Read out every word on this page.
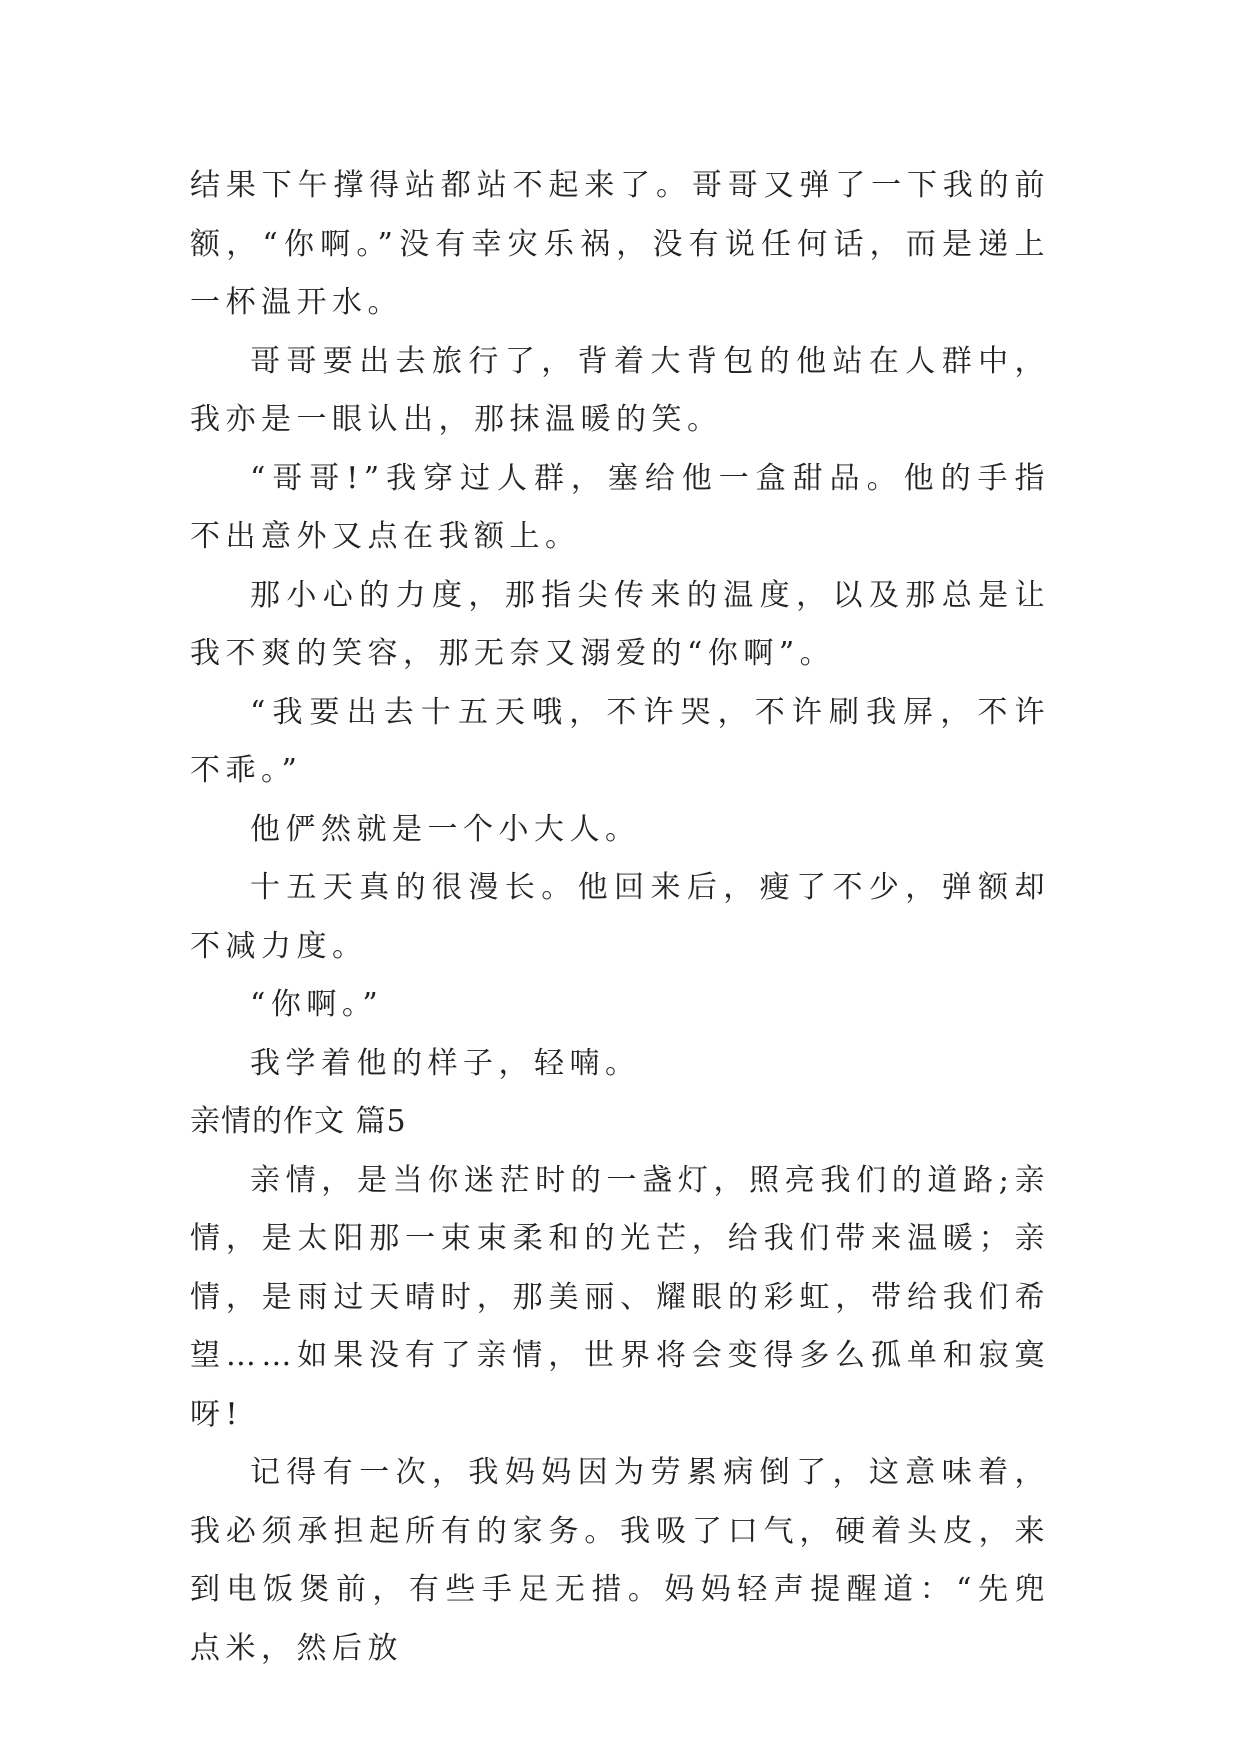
结果下午撑得站都站不起来了。哥哥又弹了一下我的前额，“你啊。”没有幸灾乐祸，没有说任何话，而是递上一杯温开水。

哥哥要出去旅行了，背着大背包的他站在人群中，我亦是一眼认出，那抹温暖的笑。

“哥哥!”我穿过人群，塞给他一盒甜品。他的手指不出意外又点在我额上。

那小心的力度，那指尖传来的温度，以及那总是让我不爽的笑容，那无奈又溺爱的“你啊”。

“我要出去十五天哦，不许哭，不许刷我屏，不许不乖。”

他俨然就是一个小大人。

十五天真的很漫长。他回来后，瘦了不少，弹额却不减力度。

“你啊。”

我学着他的样子，轻喃。

亲情的作文 篇5

亲情，是当你迷茫时的一盏灯，照亮我们的道路;亲情，是太阳那一束束柔和的光芒，给我们带来温暖；亲情，是雨过天晴时，那美丽、耀眼的彩虹，带给我们希望……如果没有了亲情，世界将会变得多么孤单和寂寞呀!

记得有一次，我妈妈因为劳累病倒了，这意味着，我必须承担起所有的家务。我吸了口气，硬着头皮，来到电饭煲前，有些手足无措。妈妈轻声提醒道：“先兜点米，然后放
